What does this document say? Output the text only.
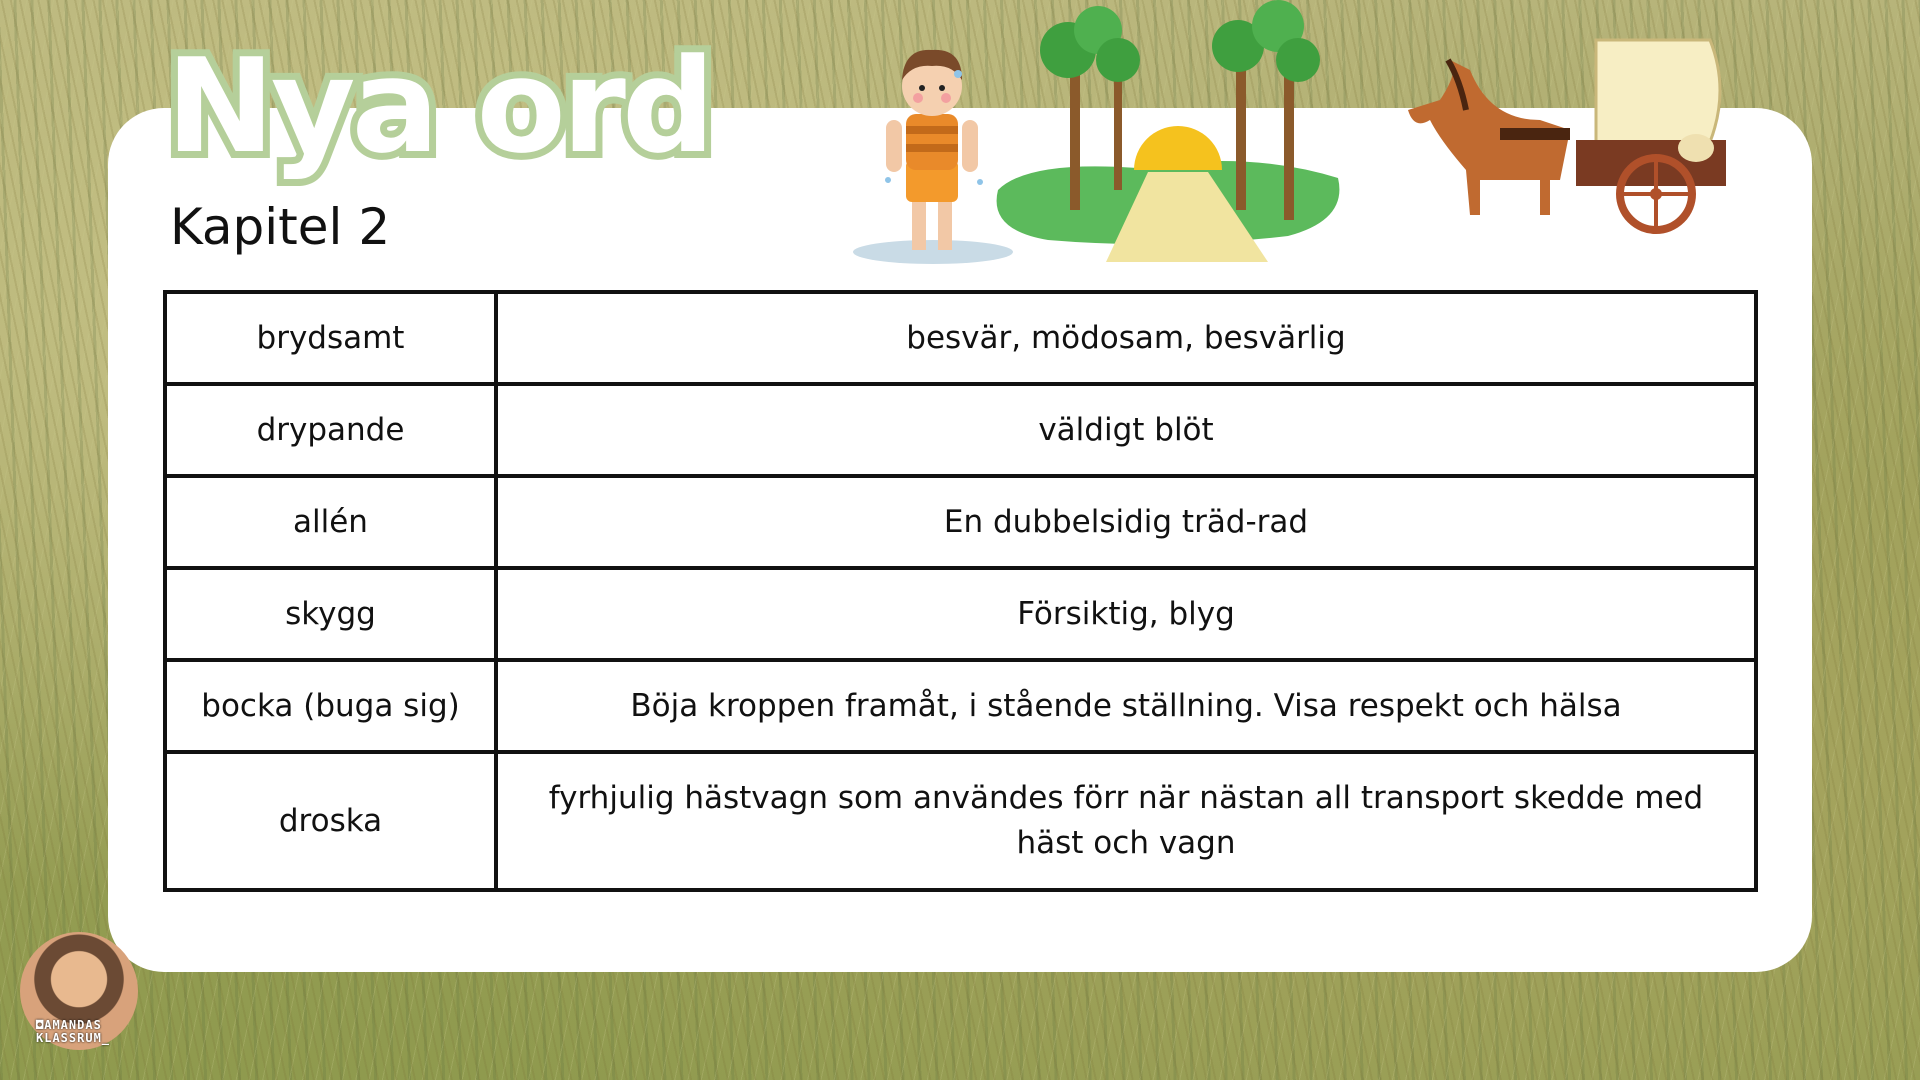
Nya ord
Kapitel 2
brydsamt	besvär, mödosam, besvärlig
drypande	väldigt blöt
allén	En dubbelsidig träd-rad
skygg	Försiktig, blyg
bocka (buga sig)	Böja kroppen framåt, i stående ställning. Visa respekt och hälsa
droska	fyrhjulig hästvagn som användes förr när nästan all transport skedde med häst och vagn
◘AMANDAS
KLASSRUM_
